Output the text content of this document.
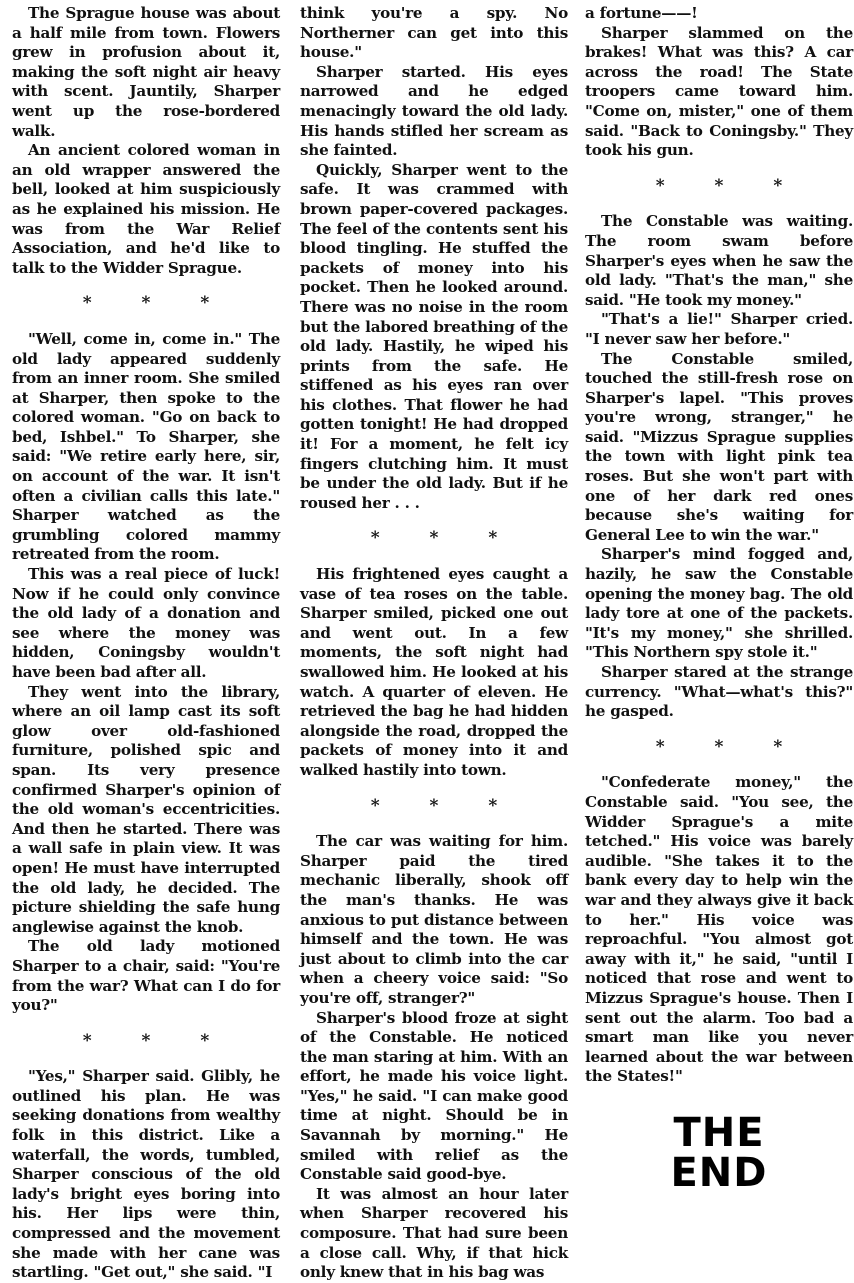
The Sprague house was about a half mile from town. Flowers grew in profusion about it, making the soft night air heavy with scent. Jauntily, Sharper went up the rose-bordered walk.

An ancient colored woman in an old wrapper answered the bell, looked at him suspiciously as he explained his mission. He was from the War Relief Association, and he'd like to talk to the Widder Sprague.

* * *

"Well, come in, come in." The old lady appeared suddenly from an inner room. She smiled at Sharper, then spoke to the colored woman. "Go on back to bed, Ishbel." To Sharper, she said: "We retire early here, sir, on account of the war. It isn't often a civilian calls this late." Sharper watched as the grumbling colored mammy retreated from the room.

This was a real piece of luck! Now if he could only convince the old lady of a donation and see where the money was hidden, Coningsby wouldn't have been bad after all.

They went into the library, where an oil lamp cast its soft glow over old-fashioned furniture, polished spic and span. Its very presence confirmed Sharper's opinion of the old woman's eccentricities. And then he started. There was a wall safe in plain view. It was open! He must have interrupted the old lady, he decided. The picture shielding the safe hung anglewise against the knob.

The old lady motioned Sharper to a chair, said: "You're from the war? What can I do for you?"

* * *

"Yes," Sharper said. Glibly, he outlined his plan. He was seeking donations from wealthy folk in this district. Like a waterfall, the words, tumbled, Sharper conscious of the old lady's bright eyes boring into his. Her lips were thin, compressed and the movement she made with her cane was startling. "Get out," she said. "I

think you're a spy. No Northerner can get into this house."

Sharper started. His eyes narrowed and he edged menacingly toward the old lady. His hands stifled her scream as she fainted.

Quickly, Sharper went to the safe. It was crammed with brown paper-covered packages. The feel of the contents sent his blood tingling. He stuffed the packets of money into his pocket. Then he looked around. There was no noise in the room but the labored breathing of the old lady. Hastily, he wiped his prints from the safe. He stiffened as his eyes ran over his clothes. That flower he had gotten tonight! He had dropped it! For a moment, he felt icy fingers clutching him. It must be under the old lady. But if he roused her . . .

* * *

His frightened eyes caught a vase of tea roses on the table. Sharper smiled, picked one out and went out. In a few moments, the soft night had swallowed him. He looked at his watch. A quarter of eleven. He retrieved the bag he had hidden alongside the road, dropped the packets of money into it and walked hastily into town.

* * *

The car was waiting for him. Sharper paid the tired mechanic liberally, shook off the man's thanks. He was anxious to put distance between himself and the town. He was just about to climb into the car when a cheery voice said: "So you're off, stranger?"

Sharper's blood froze at sight of the Constable. He noticed the man staring at him. With an effort, he made his voice light. "Yes," he said. "I can make good time at night. Should be in Savannah by morning." He smiled with relief as the Constable said good-bye.

It was almost an hour later when Sharper recovered his composure. That had sure been a close call. Why, if that hick only knew that in his bag was

a fortune——!

Sharper slammed on the brakes! What was this? A car across the road! The State troopers came toward him. "Come on, mister," one of them said. "Back to Coningsby." They took his gun.

* * *

The Constable was waiting. The room swam before Sharper's eyes when he saw the old lady. "That's the man," she said. "He took my money."

"That's a lie!" Sharper cried. "I never saw her before."

The Constable smiled, touched the still-fresh rose on Sharper's lapel. "This proves you're wrong, stranger," he said. "Mizzus Sprague supplies the town with light pink tea roses. But she won't part with one of her dark red ones because she's waiting for General Lee to win the war."

Sharper's mind fogged and, hazily, he saw the Constable opening the money bag. The old lady tore at one of the packets. "It's my money," she shrilled. "This Northern spy stole it."

Sharper stared at the strange currency. "What—what's this?" he gasped.

* * *

"Confederate money," the Constable said. "You see, the Widder Sprague's a mite tetched." His voice was barely audible. "She takes it to the bank every day to help win the war and they always give it back to her." His voice was reproachful. "You almost got away with it," he said, "until I noticed that rose and went to Mizzus Sprague's house. Then I sent out the alarm. Too bad a smart man like you never learned about the war between the States!"

THE
END
